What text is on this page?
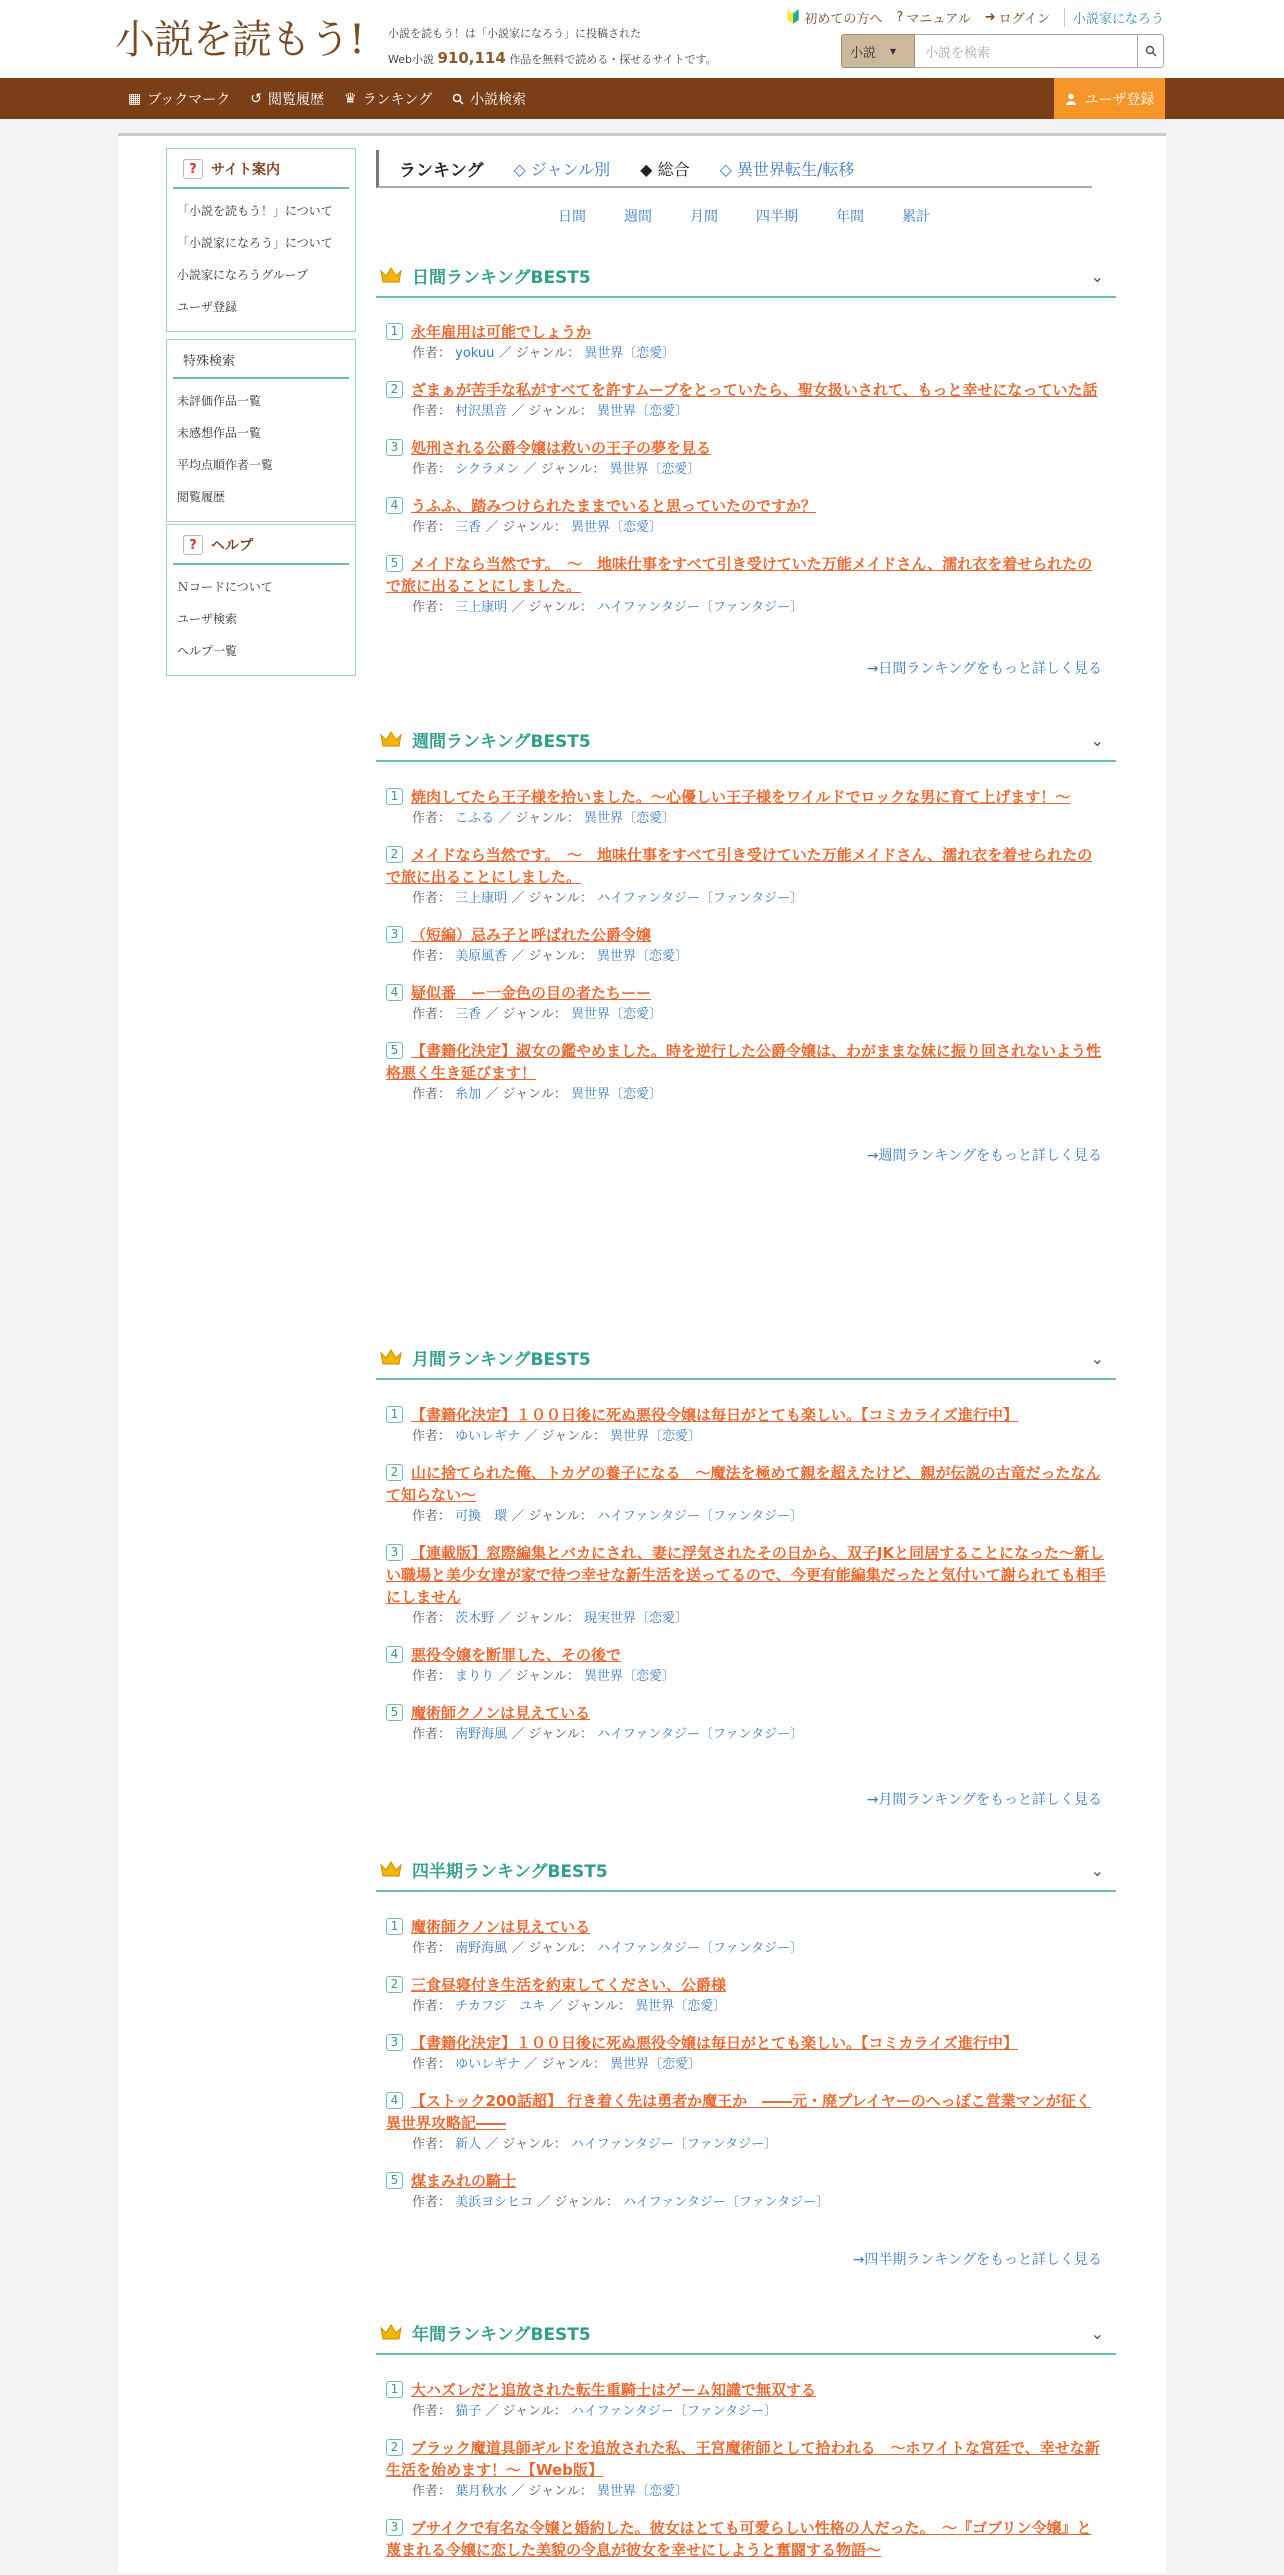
小説を読もう! 小説を読もう！は「小説家になろう」に投稿された
Web小説 910,114 作品を無料で読める・探せるサイトです。
🔰 初めての方へ ? マニュアル ➜ ログイン	小説家になろう
小説 ▾	小説を検索
▦ ブックマーク ↺ 閲覧履歴 ♛ ランキング	小説検索	ユーザ登録
?	サイト案内
「小説を読もう！」について
「小説家になろう」について
小説家になろうグループ
ユーザ登録
特殊検索
未評価作品一覧
未感想作品一覧
平均点順作者一覧
閲覧履歴
?	ヘルプ
Ｎコードについて
ユーザ検索
ヘルプ一覧
ランキング ◇ ジャンル別 ◆ 総合 ◇ 異世界転生/転移
日間	週間	月間	四半期	年間	累計
日間ランキングBEST5	⌄
1 永年雇用は可能でしょうか
作者： yokuu ／ ジャンル： 異世界〔恋愛〕
2 ざまぁが苦手な私がすべてを許すムーブをとっていたら、聖女扱いされて、もっと幸せになっていた話
作者： 村沢黒音 ／ ジャンル： 異世界〔恋愛〕
3 処刑される公爵令嬢は救いの王子の夢を見る
作者： シクラメン ／ ジャンル： 異世界〔恋愛〕
4 うふふ、踏みつけられたままでいると思っていたのですか？
作者： 三香 ／ ジャンル： 異世界〔恋愛〕
5 メイドなら当然です。　〜　地味仕事をすべて引き受けていた万能メイドさん、濡れ衣を着せられたので旅に出ることにしました。
作者： 三上康明 ／ ジャンル： ハイファンタジー〔ファンタジー〕
→日間ランキングをもっと詳しく見る
週間ランキングBEST5	⌄
1 焼肉してたら王子様を拾いました。〜心優しい王子様をワイルドでロックな男に育て上げます！〜
作者： こふる ／ ジャンル： 異世界〔恋愛〕
2 メイドなら当然です。　〜　地味仕事をすべて引き受けていた万能メイドさん、濡れ衣を着せられたので旅に出ることにしました。
作者： 三上康明 ／ ジャンル： ハイファンタジー〔ファンタジー〕
3 （短編）忌み子と呼ばれた公爵令嬢
作者： 美原風香 ／ ジャンル： 異世界〔恋愛〕
4 疑似番　ー一金色の目の者たちーー
作者： 三香 ／ ジャンル： 異世界〔恋愛〕
5 【書籍化決定】淑女の鑑やめました。時を逆行した公爵令嬢は、わがままな妹に振り回されないよう性格悪く生き延びます！
作者： 糸加 ／ ジャンル： 異世界〔恋愛〕
→週間ランキングをもっと詳しく見る
月間ランキングBEST5	⌄
1 【書籍化決定】１００日後に死ぬ悪役令嬢は毎日がとても楽しい。【コミカライズ進行中】
作者： ゆいレギナ ／ ジャンル： 異世界〔恋愛〕
2 山に捨てられた俺、トカゲの養子になる　〜魔法を極めて親を超えたけど、親が伝説の古竜だったなんて知らない〜
作者： 可換　環 ／ ジャンル： ハイファンタジー〔ファンタジー〕
3 【連載版】窓際編集とバカにされ、妻に浮気されたその日から、双子JKと同居することになった〜新しい職場と美少女達が家で待つ幸せな新生活を送ってるので、今更有能編集だったと気付いて謝られても相手にしません
作者： 茨木野 ／ ジャンル： 現実世界〔恋愛〕
4 悪役令嬢を断罪した、その後で
作者： まりり ／ ジャンル： 異世界〔恋愛〕
5 魔術師クノンは見えている
作者： 南野海風 ／ ジャンル： ハイファンタジー〔ファンタジー〕
→月間ランキングをもっと詳しく見る
四半期ランキングBEST5	⌄
1 魔術師クノンは見えている
作者： 南野海風 ／ ジャンル： ハイファンタジー〔ファンタジー〕
2 三食昼寝付き生活を約束してください、公爵様
作者： チカフジ　ユキ ／ ジャンル： 異世界〔恋愛〕
3 【書籍化決定】１００日後に死ぬ悪役令嬢は毎日がとても楽しい。【コミカライズ進行中】
作者： ゆいレギナ ／ ジャンル： 異世界〔恋愛〕
4 【ストック200話超】 行き着く先は勇者か魔王か　――元・廃プレイヤーのへっぽこ営業マンが征く 異世界攻略記――
作者： 新人 ／ ジャンル： ハイファンタジー〔ファンタジー〕
5 煤まみれの騎士
作者： 美浜ヨシヒコ ／ ジャンル： ハイファンタジー〔ファンタジー〕
→四半期ランキングをもっと詳しく見る
年間ランキングBEST5	⌄
1 大ハズレだと追放された転生重騎士はゲーム知識で無双する
作者： 猫子 ／ ジャンル： ハイファンタジー〔ファンタジー〕
2 ブラック魔道具師ギルドを追放された私、王宮魔術師として拾われる　〜ホワイトな宮廷で、幸せな新生活を始めます！〜【Web版】
作者： 葉月秋水 ／ ジャンル： 異世界〔恋愛〕
3 ブサイクで有名な令嬢と婚約した。彼女はとても可愛らしい性格の人だった。　〜『ゴブリン令嬢』と蔑まれる令嬢に恋した美貌の令息が彼女を幸せにしようと奮闘する物語〜
